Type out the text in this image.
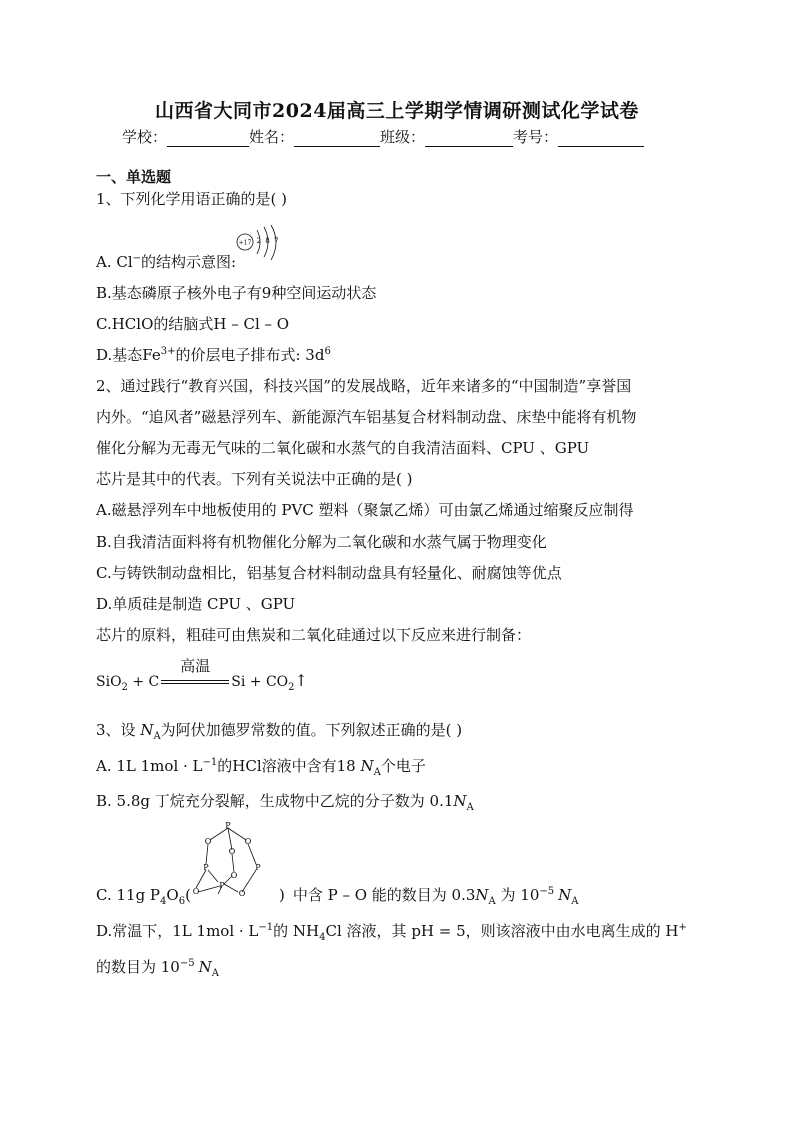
山西省大同市2024届高三上学期学情调研测试化学试卷
学校：	姓名：	班级：	考号：
一、单选题
1、下列化学用语正确的是( )
A. Cl−的结构示意图:
+17 2 8 7
B.基态磷原子核外电子有9种空间运动状态
C.HClO的结脑式H – Cl – O
D.基态$Fe^{3+}$的价层电子排布式: $3d^6$
2、通过践行“教育兴国，科技兴国”的发展战略，近年来诸多的“中国制造”享誉国
内外。“追风者”磁悬浮列车、新能源汽车铝基复合材料制动盘、床垫中能将有机物
催化分解为无毒无气味的二氧化碳和水蒸气的自我清洁面料、CPU 、GPU
芯片是其中的代表。下列有关说法中正确的是( )
A.磁悬浮列车中地板使用的 PVC 塑料（聚氯乙烯）可由氯乙烯通过缩聚反应制得
B.自我清洁面料将有机物催化分解为二氧化碳和水蒸气属于物理变化
C.与铸铁制动盘相比，铝基复合材料制动盘具有轻量化、耐腐蚀等优点
D.单质硅是制造 CPU 、GPU
芯片的原料，粗硅可由焦炭和二氧化硅通过以下反应来进行制备：
SiO$_2$ + C
高温
$Si + CO_2↑$
3、设 $N_A$为阿伏加德罗常数的值。下列叙述正确的是( )
A. 1L $1mol \cdot L^{-1}$的HCl溶液中含有18 $N_A$个电子
B. 5.8g 丁烷充分裂解，生成物中乙烷的分子数为 $0.1N_A$
C. 11g $P_4O_6$(	) 中含 P – O 能的数目为 $0.3N_A$ 为 $10^{-5}$ $N_A$
P
O	O
O
P	P
O
P
O	O
D.常温下，1L $1mol \cdot L^{-1}$的 $NH_4Cl$ 溶液，其 pH = 5，则该溶液中由水电离生成的 H+
的数目为 $10^{-5}$ $N_A$
